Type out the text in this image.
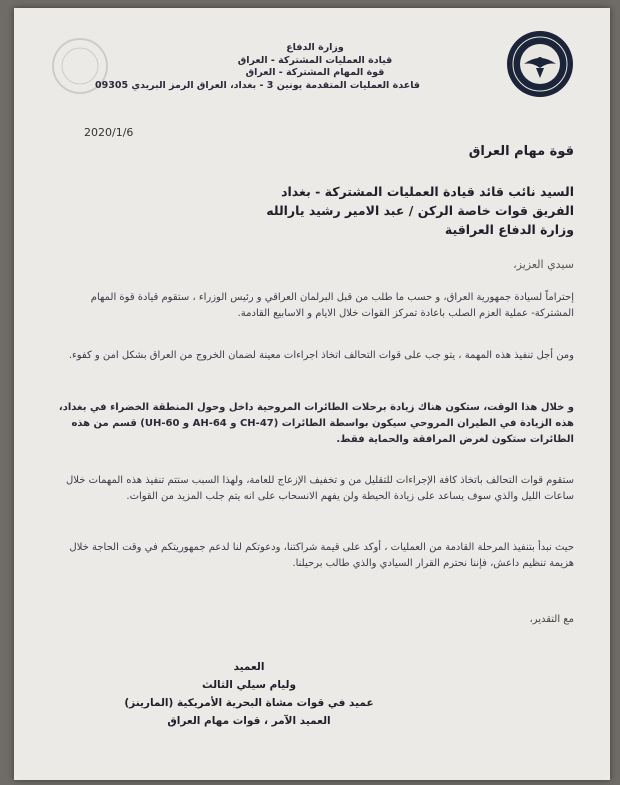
وزارة الدفاع
قيادة العمليات المشتركة - العراق
قوة المهام المشتركة - العراق
قاعدة العمليات المتقدمة يونين 3 - بغداد، العراق الرمز البريدي 09305
2020/1/6
قوة مهام العراق
السيد نائب قائد قيادة العمليات المشتركة - بغداد
الفريق قوات خاصة الركن / عبد الامير رشيد يارالله
وزارة الدفاع العراقية
سيدي العزيز،
إحتراماً لسيادة جمهورية العراق، و حسب ما طلب من قبل البرلمان العراقي و رئيس الوزراء ، ستقوم قيادة قوة المهام المشتركة- عملية العزم الصلب باعادة تمركز القوات خلال الايام و الاسابيع القادمة.
ومن أجل تنفيذ هذه المهمة ، يتو جب على قوات التحالف اتخاذ اجراءات معينة لضمان الخروج من العراق بشكل امن و كفوء.
و خلال هذا الوقت، ستكون هناك زيادة برحلات الطائرات المروحية داخل وحول المنطقة الخضراء في بغداد، هذه الزيادة في الطيران المروحي سيكون بواسطة الطائرات (CH-47 و AH-64 و UH-60) قسم من هذه الطائرات ستكون لغرض المرافقة والحماية فقط.
ستقوم قوات التحالف باتخاذ كافة الإجراءات للتقليل من و تخفيف الإزعاج للعامة، ولهذا السبب ستتم تنفيذ هذه المهمات خلال ساعات الليل والذي سوف يساعد على زيادة الحيطة ولن يفهم الانسحاب على انه يتم جلب المزيد من القوات.
حيث نبدأ بتنفيذ المرحلة القادمة من العمليات ، أوكد على قيمة شراكتنا، ودعوتكم لنا لدعم جمهوريتكم في وقت الحاجة خلال هزيمة تنظيم داعش، فإننا نحترم القرار السيادي والذي طالب برحيلنا.
مع التقدير،
العميد
وليام سيلي الثالث
عميد في قوات مشاة البحرية الأمريكية (المارينز)
العميد الآمر ، قوات مهام العراق
